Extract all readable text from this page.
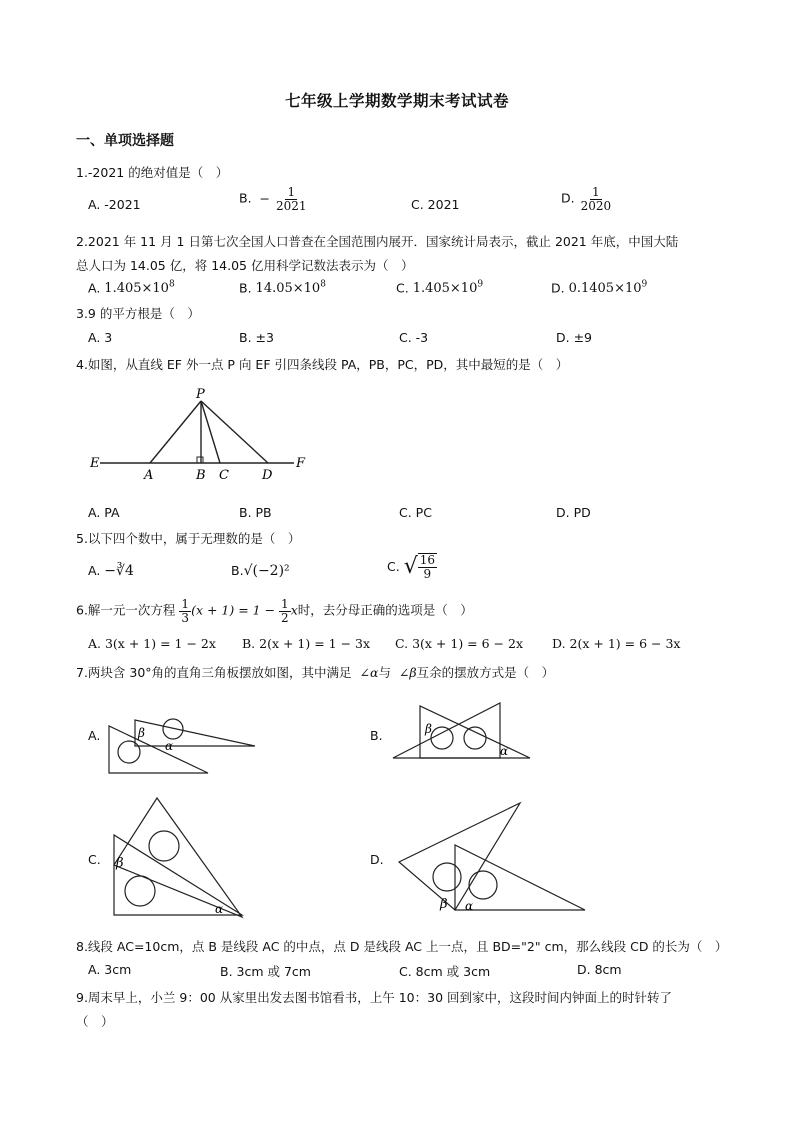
七年级上学期数学期末考试试卷
一、单项选择题
1.-2021 的绝对值是（　）
A. -2021	B. − $\frac{1}{2021}$	C. 2021	D. $\frac{1}{2020}$
2.2021 年 11 月 1 日第七次全国人口普查在全国范围内展开．国家统计局表示，截止 2021 年底，中国大陆
总人口为 14.05 亿，将 14.05 亿用科学记数法表示为（　）
A. $1.405\times 10^8$	B. $14.05\times 10^8$	C. $1.405\times 10^9$	D. $0.1405\times 10^9$
3.9 的平方根是（　）
A. 3	B. ±3	C. -3	D. ±9
4.如图，从直线 EF 外一点 P 向 EF 引四条线段 PA，PB，PC，PD，其中最短的是（　）
P
E
A	B C	D
F
A. PA	B. PB	C. PC	D. PD
5.以下四个数中，属于无理数的是（　）
A. −∛4	B.√(−2)²	C. √ $\frac{16}{9}$
6.解一元一次方程 $\frac{1}{3} (x + 1) = 1 - \frac{1}{2}$ x时，去分母正确的选项是（　）
A. 3(x + 1) = 1 − 2x B. 2(x + 1) = 1 − 3x C. 3(x + 1) = 6 − 2x D. 2(x + 1) = 6 − 3x
7.两块含 30°角的直角三角板摆放如图，其中满足 ∠α与 ∠β互余的摆放方式是（　）
A.	β
α
B.	β
α
C. β
α
D.
β α
8.线段 AC=10cm，点 B 是线段 AC 的中点，点 D 是线段 AC 上一点，且 BD="2" cm，那么线段 CD 的长为（　）
A. 3cm	B. 3cm 或 7cm	C. 8cm 或 3cm	D. 8cm
9.周末早上，小兰 9：00 从家里出发去图书馆看书，上午 10：30 回到家中，这段时间内钟面上的时针转了
（　）
